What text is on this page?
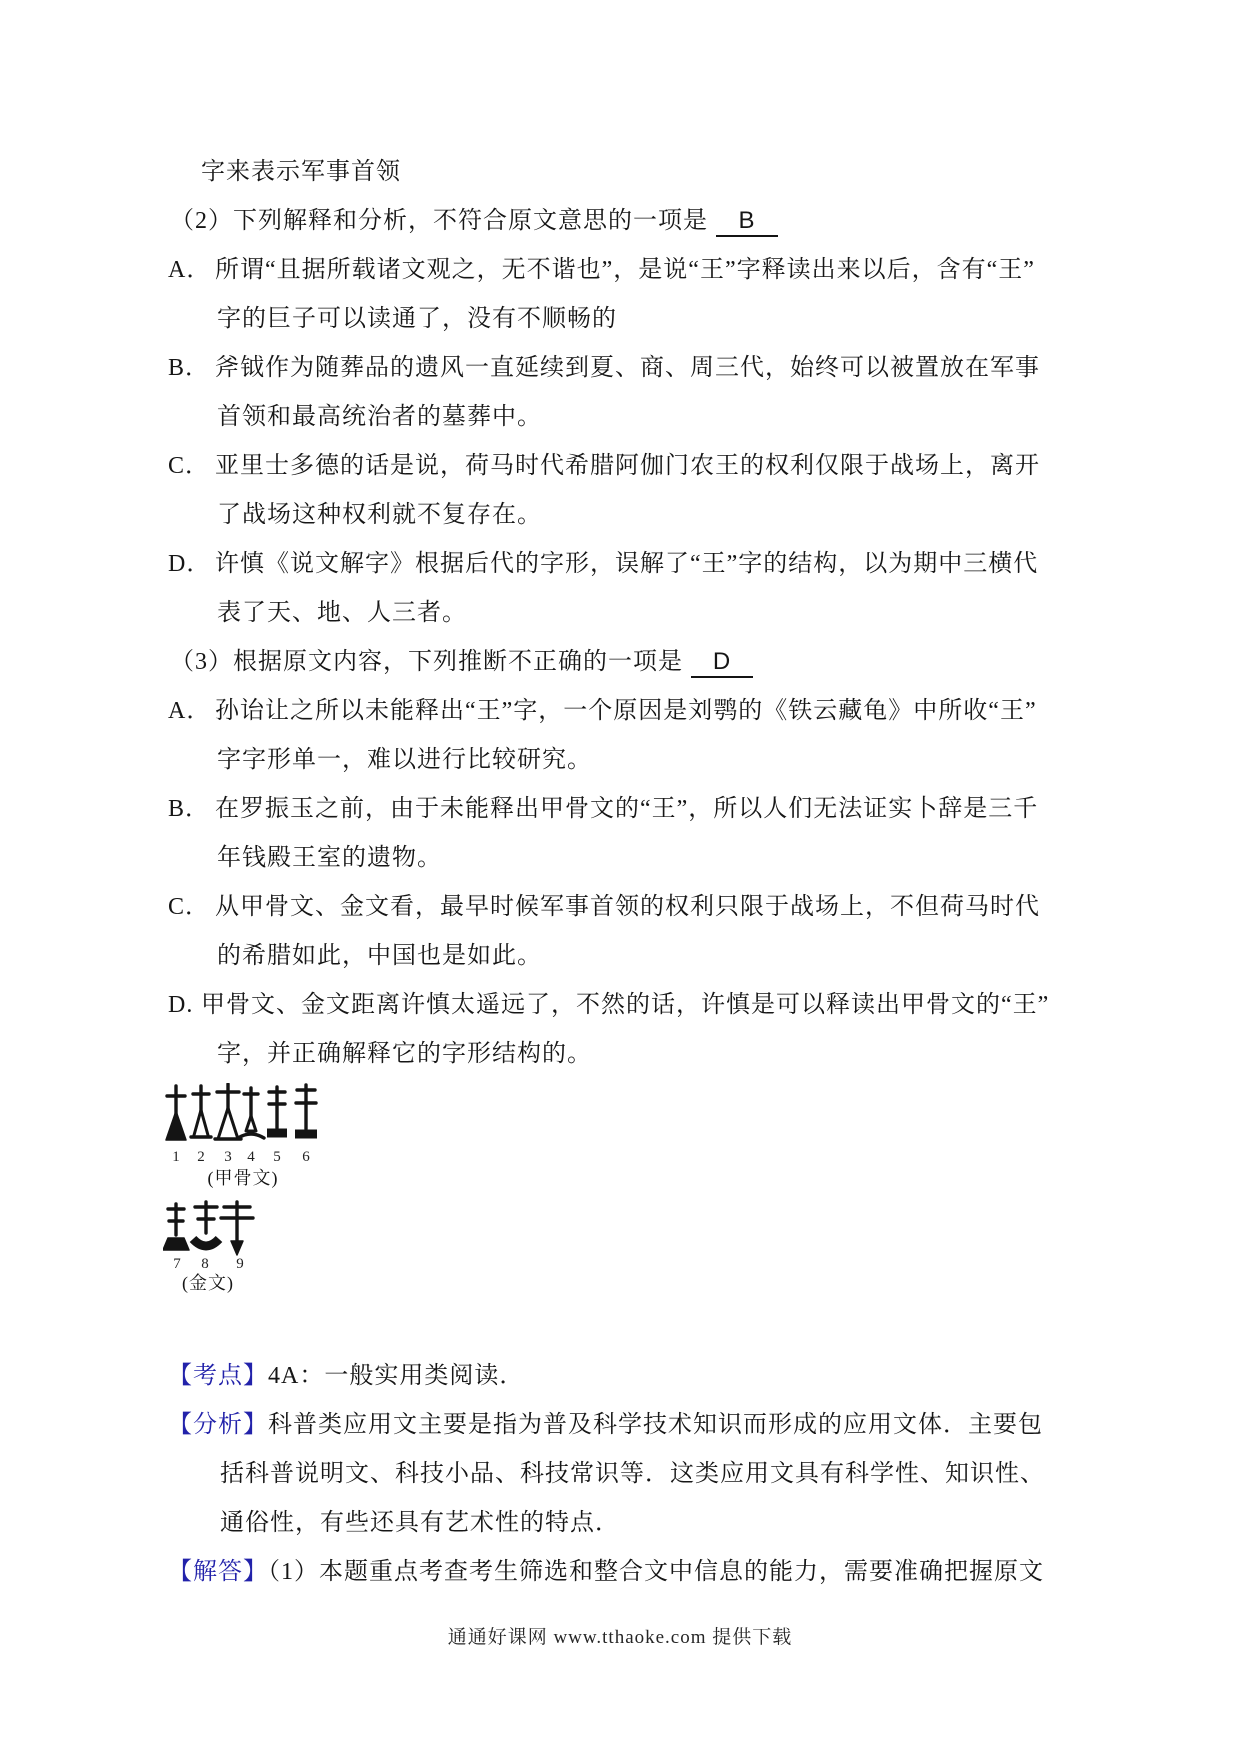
字来表示军事首领
（2）下列解释和分析，不符合原文意思的一项是 B
A． 所谓“且据所载诸文观之，无不谐也”，是说“王”字释读出来以后，含有“王”
字的巨子可以读通了，没有不顺畅的
B． 斧钺作为随葬品的遗风一直延续到夏、商、周三代，始终可以被置放在军事
首领和最高统治者的墓葬中。
C． 亚里士多德的话是说，荷马时代希腊阿伽门农王的权利仅限于战场上，离开
了战场这种权利就不复存在。
D． 许慎《说文解字》根据后代的字形，误解了“王”字的结构，以为期中三横代
表了天、地、人三者。
（3）根据原文内容，下列推断不正确的一项是 D
A． 孙诒让之所以未能释出“王”字，一个原因是刘鹗的《铁云藏龟》中所收“王”
字字形单一，难以进行比较研究。
B． 在罗振玉之前，由于未能释出甲骨文的“王”，所以人们无法证实卜辞是三千
年钱殿王室的遗物。
C． 从甲骨文、金文看，最早时候军事首领的权利只限于战场上，不但荷马时代
的希腊如此，中国也是如此。
D. 甲骨文、金文距离许慎太遥远了，不然的话，许慎是可以释读出甲骨文的“王”
字，并正确解释它的字形结构的。
1 2 3 4 5 6
(甲骨文)
7 8 9
(金文)
【考点】4A：一般实用类阅读．
【分析】科普类应用文主要是指为普及科学技术知识而形成的应用文体．主要包
括科普说明文、科技小品、科技常识等．这类应用文具有科学性、知识性、
通俗性，有些还具有艺术性的特点．
【解答】（1）本题重点考查考生筛选和整合文中信息的能力，需要准确把握原文
通通好课网 www.tthaoke.com 提供下载
